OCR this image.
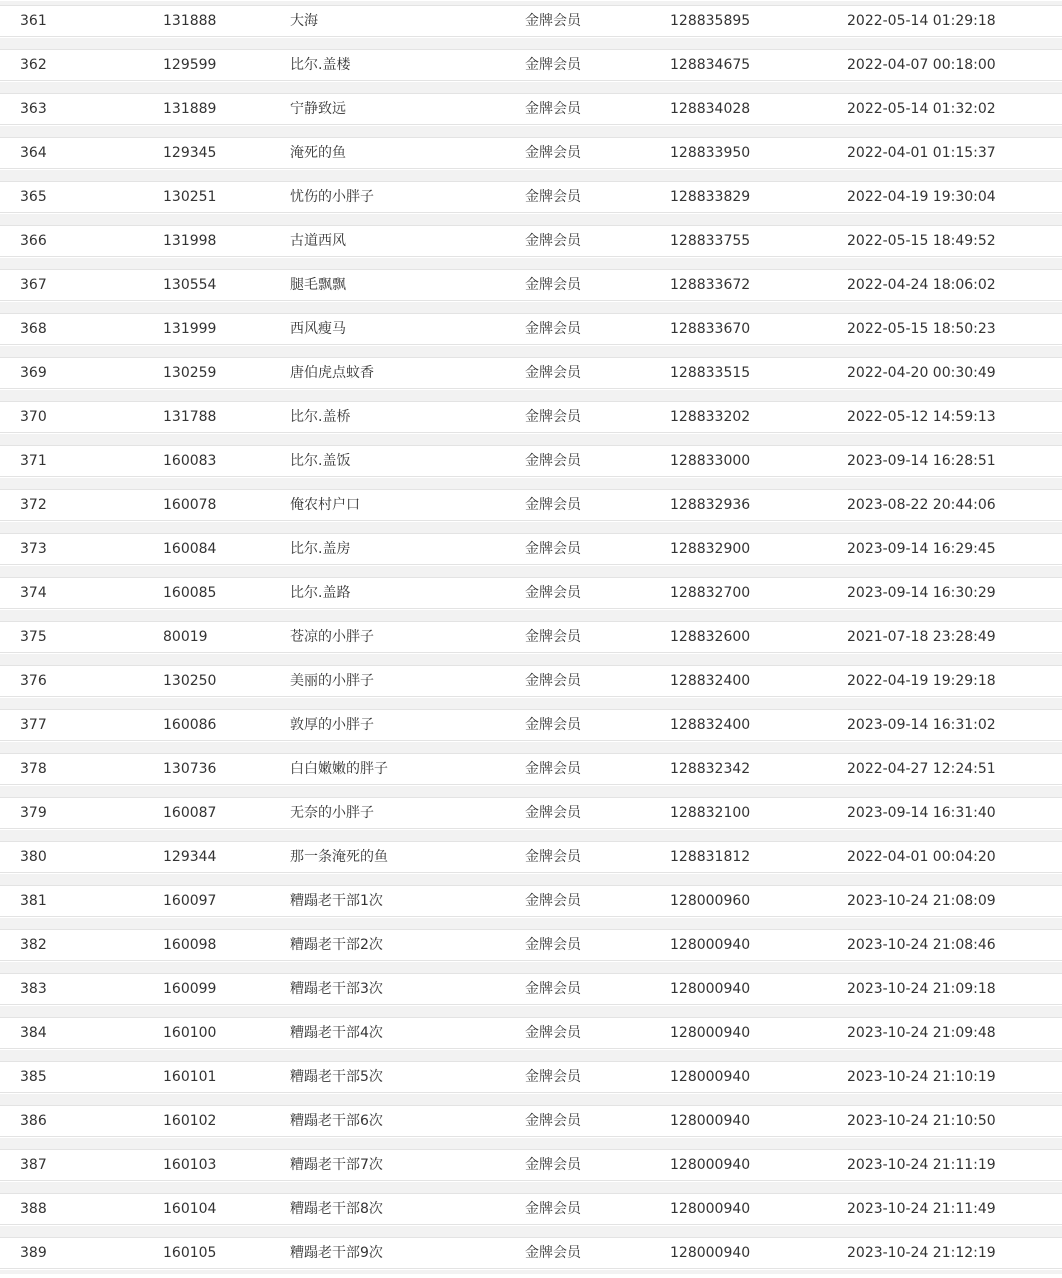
361	131888	大海	金牌会员	128835895	2022-05-14 01:29:18
362	129599	比尔.盖楼	金牌会员	128834675	2022-04-07 00:18:00
363	131889	宁静致远	金牌会员	128834028	2022-05-14 01:32:02
364	129345	淹死的鱼	金牌会员	128833950	2022-04-01 01:15:37
365	130251	忧伤的小胖子	金牌会员	128833829	2022-04-19 19:30:04
366	131998	古道西风	金牌会员	128833755	2022-05-15 18:49:52
367	130554	腿毛飘飘	金牌会员	128833672	2022-04-24 18:06:02
368	131999	西风瘦马	金牌会员	128833670	2022-05-15 18:50:23
369	130259	唐伯虎点蚊香	金牌会员	128833515	2022-04-20 00:30:49
370	131788	比尔.盖桥	金牌会员	128833202	2022-05-12 14:59:13
371	160083	比尔.盖饭	金牌会员	128833000	2023-09-14 16:28:51
372	160078	俺农村户口	金牌会员	128832936	2023-08-22 20:44:06
373	160084	比尔.盖房	金牌会员	128832900	2023-09-14 16:29:45
374	160085	比尔.盖路	金牌会员	128832700	2023-09-14 16:30:29
375	80019	苍凉的小胖子	金牌会员	128832600	2021-07-18 23:28:49
376	130250	美丽的小胖子	金牌会员	128832400	2022-04-19 19:29:18
377	160086	敦厚的小胖子	金牌会员	128832400	2023-09-14 16:31:02
378	130736	白白嫩嫩的胖子	金牌会员	128832342	2022-04-27 12:24:51
379	160087	无奈的小胖子	金牌会员	128832100	2023-09-14 16:31:40
380	129344	那一条淹死的鱼	金牌会员	128831812	2022-04-01 00:04:20
381	160097	糟蹋老干部1次	金牌会员	128000960	2023-10-24 21:08:09
382	160098	糟蹋老干部2次	金牌会员	128000940	2023-10-24 21:08:46
383	160099	糟蹋老干部3次	金牌会员	128000940	2023-10-24 21:09:18
384	160100	糟蹋老干部4次	金牌会员	128000940	2023-10-24 21:09:48
385	160101	糟蹋老干部5次	金牌会员	128000940	2023-10-24 21:10:19
386	160102	糟蹋老干部6次	金牌会员	128000940	2023-10-24 21:10:50
387	160103	糟蹋老干部7次	金牌会员	128000940	2023-10-24 21:11:19
388	160104	糟蹋老干部8次	金牌会员	128000940	2023-10-24 21:11:49
389	160105	糟蹋老干部9次	金牌会员	128000940	2023-10-24 21:12:19
